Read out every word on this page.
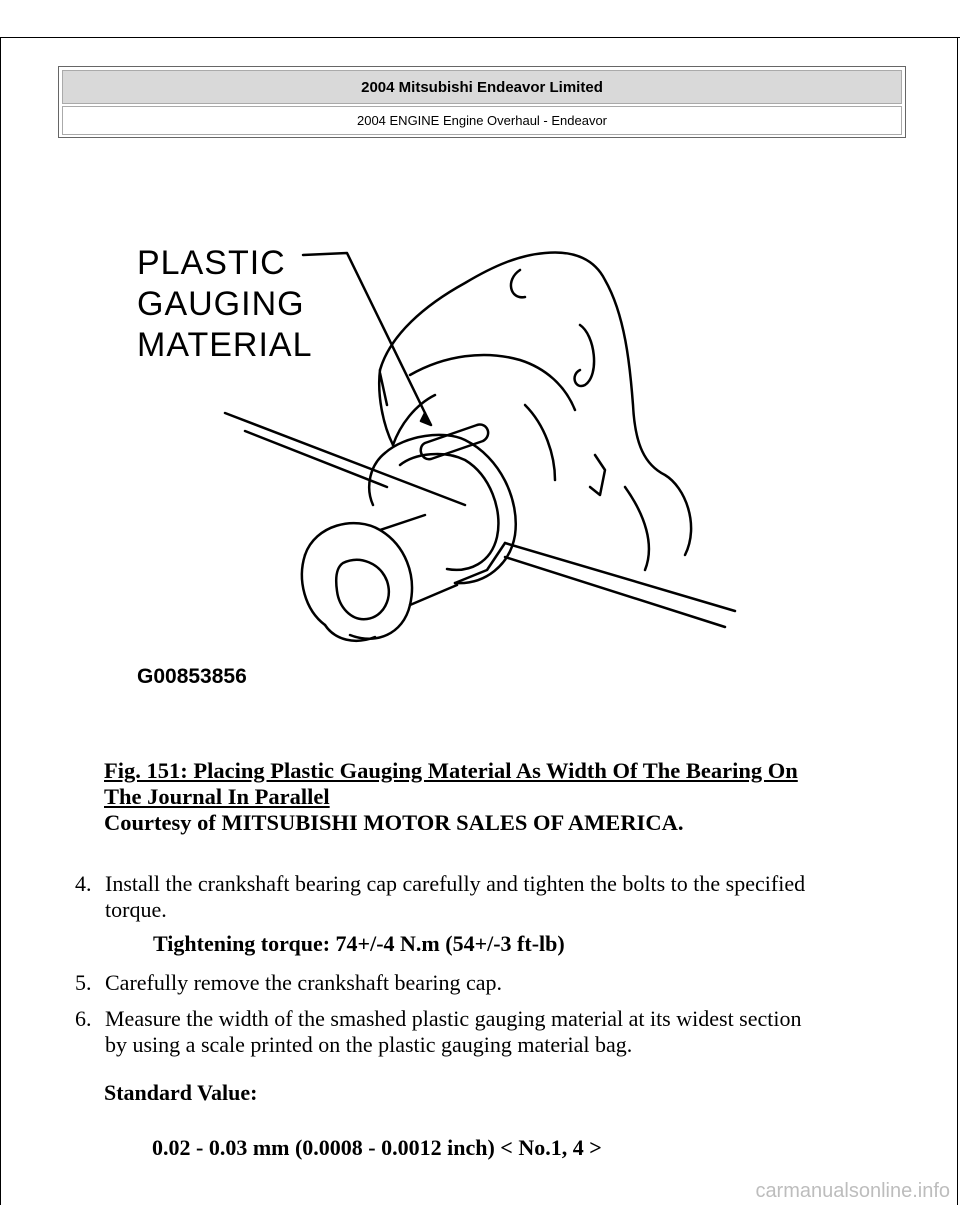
2004 Mitsubishi Endeavor Limited
2004 ENGINE Engine Overhaul - Endeavor
PLASTIC
GAUGING
MATERIAL
G00853856
Fig. 151: Placing Plastic Gauging Material As Width Of The Bearing On
The Journal In Parallel
Courtesy of MITSUBISHI MOTOR SALES OF AMERICA.
4. Install the crankshaft bearing cap carefully and tighten the bolts to the specified
torque.
Tightening torque: 74+/-4 N.m (54+/-3 ft-lb)
5. Carefully remove the crankshaft bearing cap.
6. Measure the width of the smashed plastic gauging material at its widest section
by using a scale printed on the plastic gauging material bag.
Standard Value:
0.02 - 0.03 mm (0.0008 - 0.0012 inch) < No.1, 4 >
carmanualsonline.info
